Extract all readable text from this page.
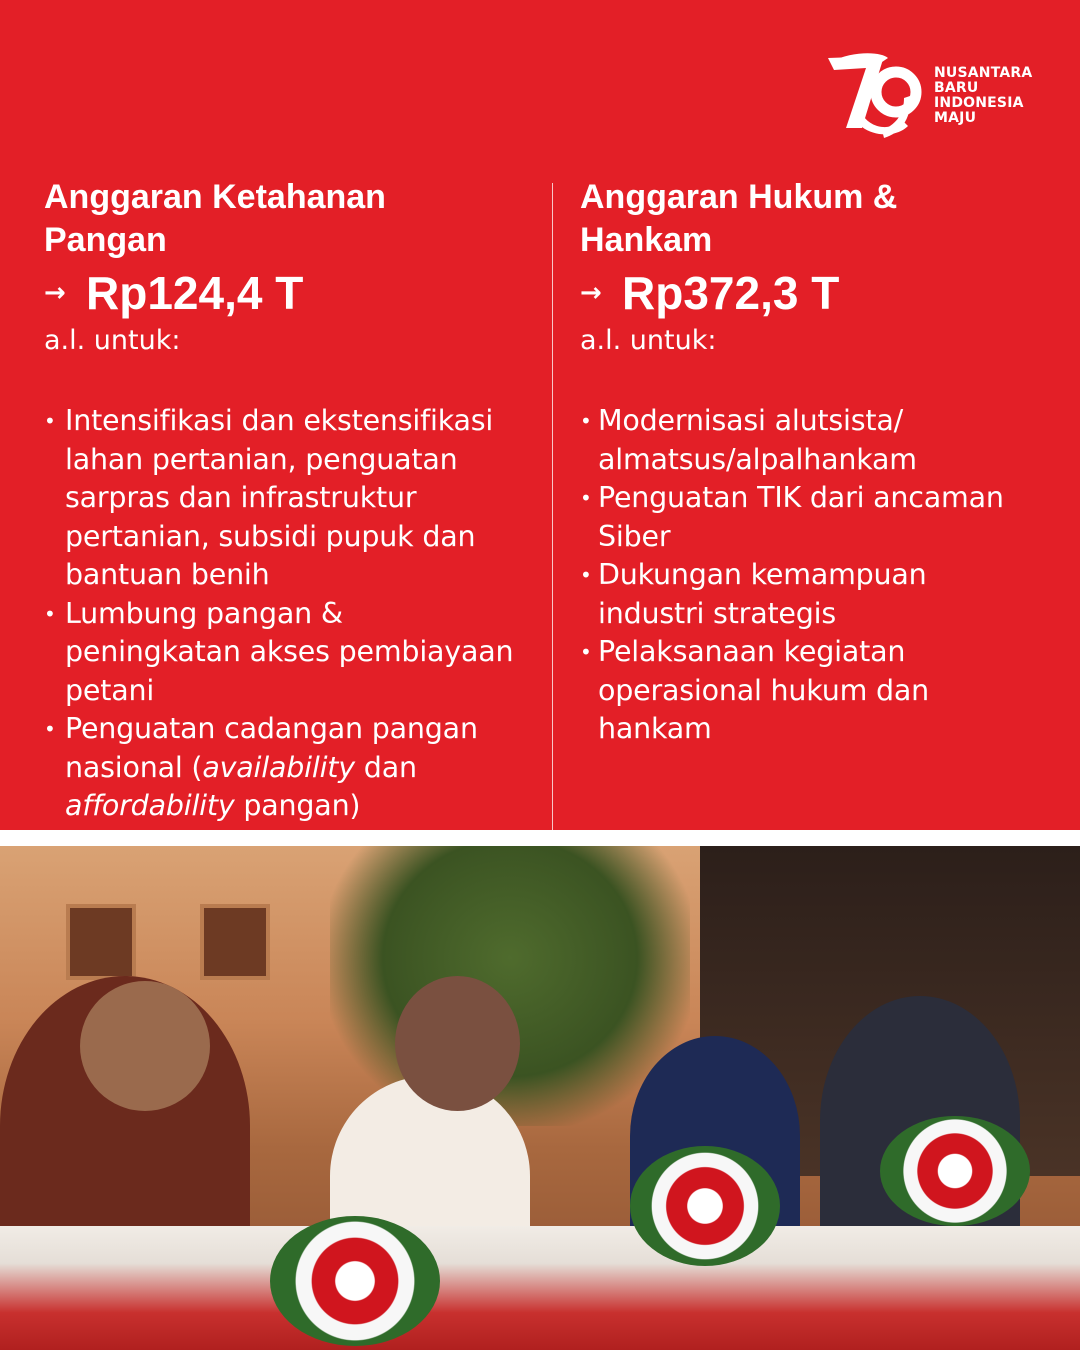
NUSANTARA
BARU
INDONESIA
MAJU
Anggaran Ketahanan
Pangan
→ Rp124,4 T
a.l. untuk:
• Intensifikasi dan ekstensifikasi
lahan pertanian, penguatan
sarpras dan infrastruktur
pertanian, subsidi pupuk dan
bantuan benih
• Lumbung pangan &
peningkatan akses pembiayaan
petani
• Penguatan cadangan pangan
nasional (availability dan
affordability pangan)
Anggaran Hukum &
Hankam
→ Rp372,3 T
a.l. untuk:
• Modernisasi alutsista/
almatsus/alpalhankam
• Penguatan TIK dari ancaman
Siber
• Dukungan kemampuan
industri strategis
• Pelaksanaan kegiatan
operasional hukum dan
hankam
